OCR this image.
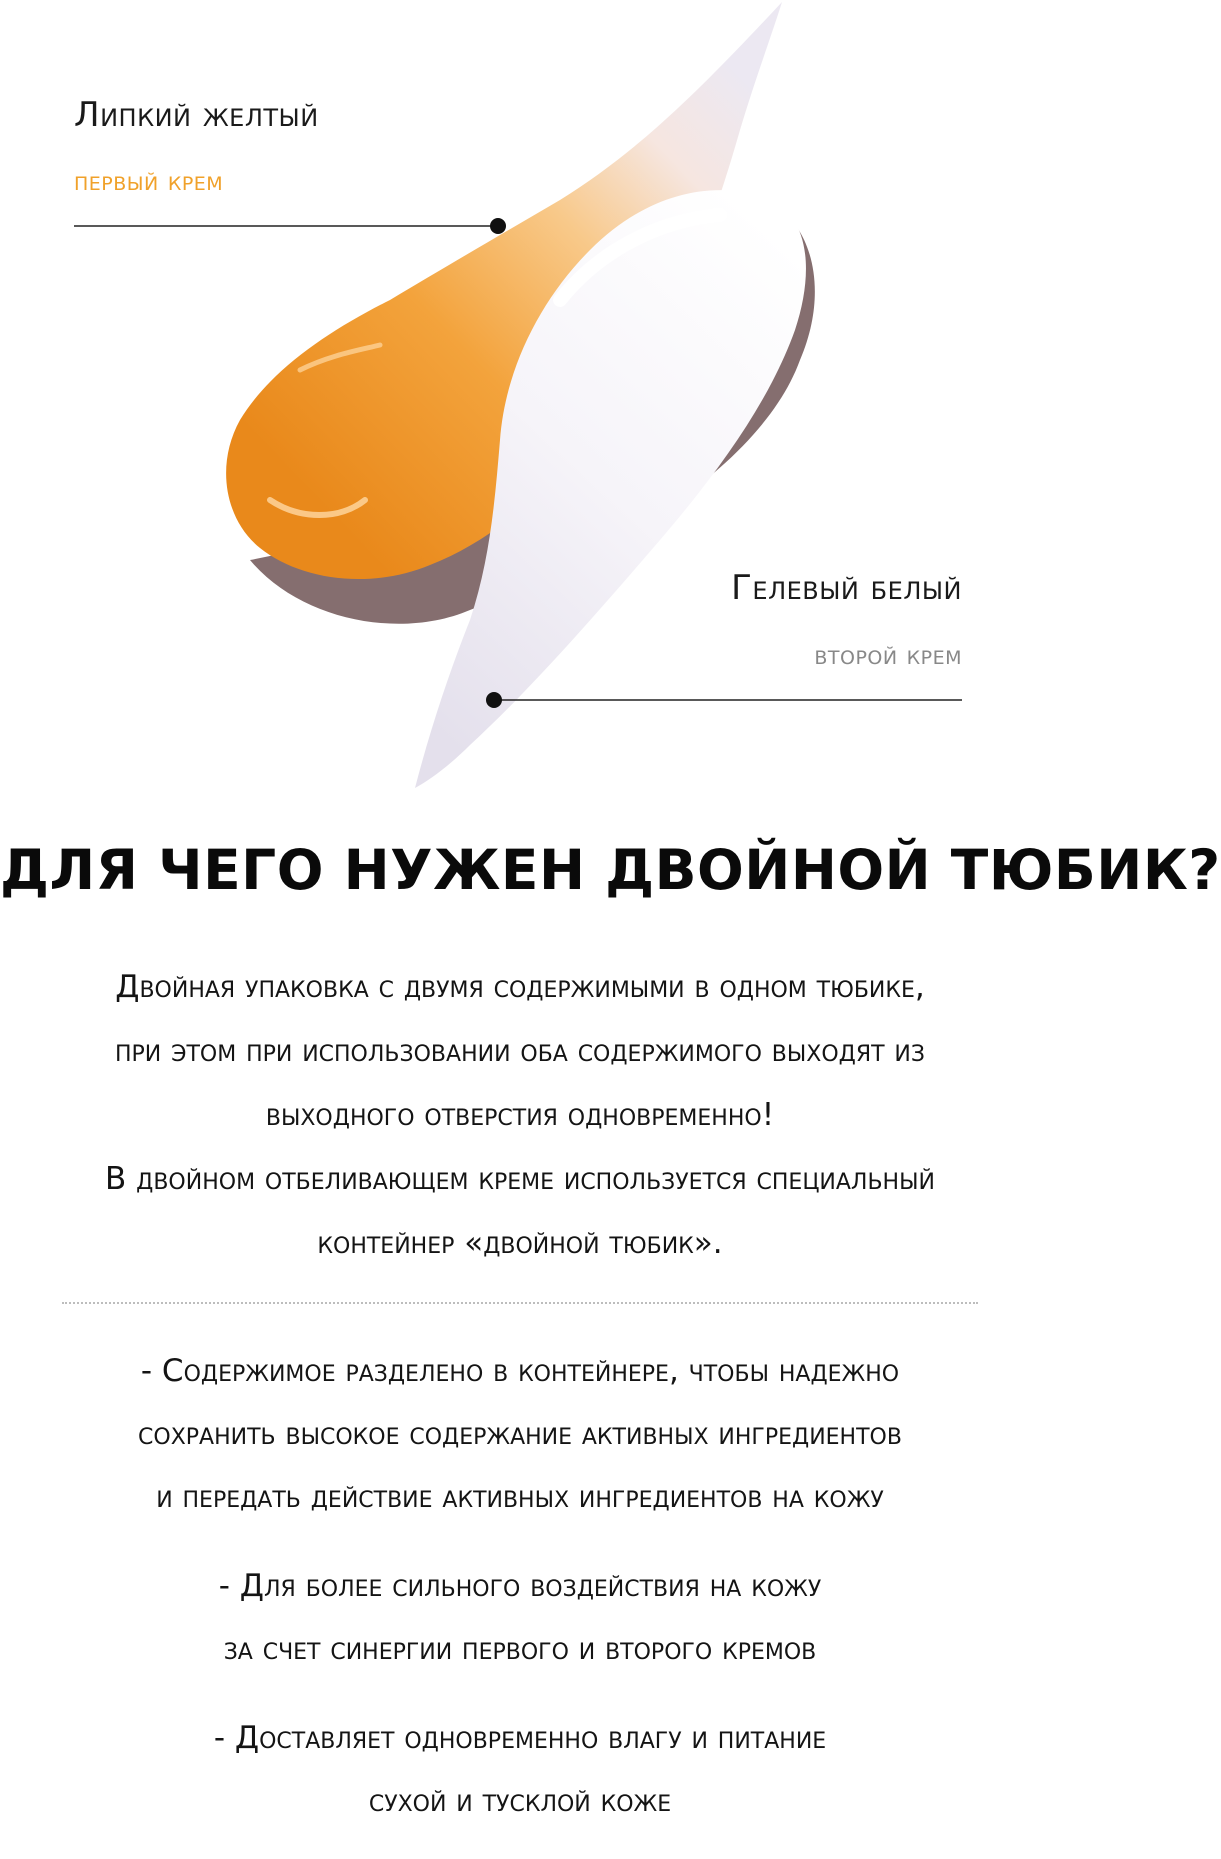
Липкий желтый
первый крем
Гелевый белый
второй крем
ДЛЯ ЧЕГО НУЖЕН ДВОЙНОЙ ТЮБИК?
Двойная упаковка с двумя содержимыми в одном тюбике,
при этом при использовании оба содержимого выходят из
выходного отверстия одновременно!
В двойном отбеливающем креме используется специальный
контейнер «двойной тюбик».
- Содержимое разделено в контейнере, чтобы надежно
сохранить высокое содержание активных ингредиентов
и передать действие активных ингредиентов на кожу
- Для более сильного воздействия на кожу
за счет синергии первого и второго кремов
- Доставляет одновременно влагу и питание
сухой и тусклой коже
